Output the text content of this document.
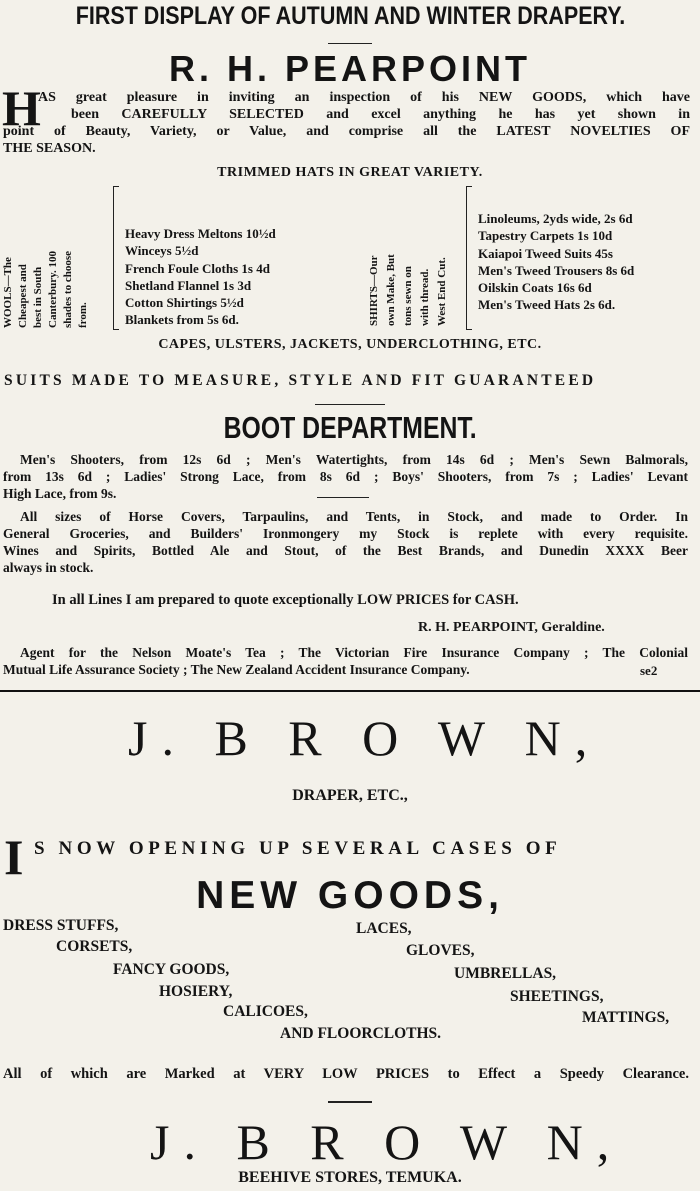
FIRST DISPLAY OF AUTUMN AND WINTER DRAPERY.
R. H. PEARPOINT
H
AS great pleasure in inviting an inspection of his NEW GOODS, which have
been CAREFULLY SELECTED and excel anything he has yet shown in
point of Beauty, Variety, or Value, and comprise all the LATEST NOVELTIES OF
THE SEASON.
TRIMMED HATS IN GREAT VARIETY.
WOOLS—The Cheapest and best in South Canterbury. 100 shades to choose from.
Heavy Dress Meltons 10½d
Winceys 5½d
French Foule Cloths 1s 4d
Shetland Flannel 1s 3d
Cotton Shirtings 5½d
Blankets from 5s 6d.	SHIRTS—Our own Make, But tons sewn on with thread. West End Cut.
Linoleums, 2yds wide, 2s 6d
Tapestry Carpets 1s 10d
Kaiapoi Tweed Suits 45s
Men's Tweed Trousers 8s 6d
Oilskin Coats 16s 6d
Men's Tweed Hats 2s 6d.
CAPES, ULSTERS, JACKETS, UNDERCLOTHING, ETC.
SUITS MADE TO MEASURE, STYLE AND FIT GUARANTEED
BOOT DEPARTMENT.
Men's Shooters, from 12s 6d ; Men's Watertights, from 14s 6d ; Men's Sewn Balmorals,
from 13s 6d ; Ladies' Strong Lace, from 8s 6d ; Boys' Shooters, from 7s ; Ladies' Levant
High Lace, from 9s.
All sizes of Horse Covers, Tarpaulins, and Tents, in Stock, and made to Order. In
General Groceries, and Builders' Ironmongery my Stock is replete with every requisite.
Wines and Spirits, Bottled Ale and Stout, of the Best Brands, and Dunedin XXXX Beer
always in stock.
In all Lines I am prepared to quote exceptionally LOW PRICES for CASH.
R. H. PEARPOINT, Geraldine.
Agent for the Nelson Moate's Tea ; The Victorian Fire Insurance Company ; The Colonial
Mutual Life Assurance Society ; The New Zealand Accident Insurance Company.	se2
J. B R O W N,
DRAPER, ETC.,
I S NOW OPENING UP SEVERAL CASES OF
NEW GOODS,
DRESS STUFFS,	LACES,
CORSETS,	GLOVES,
FANCY GOODS,	UMBRELLAS,
HOSIERY,	SHEETINGS,
CALICOES,	MATTINGS,
AND FLOORCLOTHS.
All of which are Marked at VERY LOW PRICES to Effect a Speedy Clearance.
J. B R O W N,
BEEHIVE STORES, TEMUKA.
